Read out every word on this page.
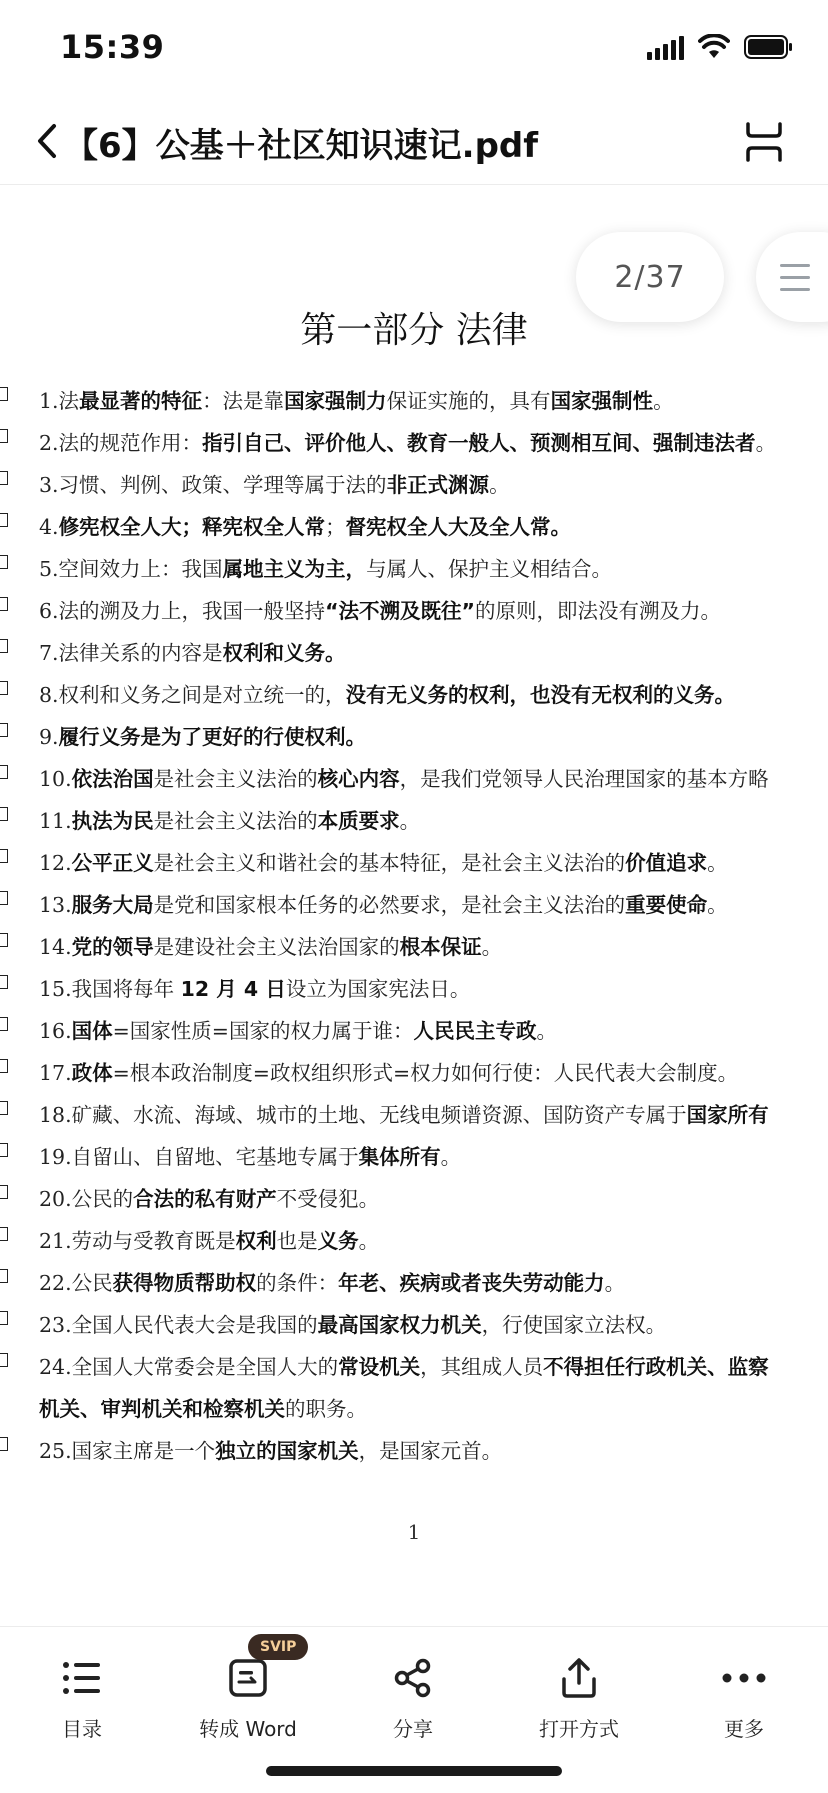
15:39
【6】公基＋社区知识速记.pdf
2/37
第一部分 法律
1.法最显著的特征：法是靠国家强制力保证实施的，具有国家强制性。
2.法的规范作用：指引自己、评价他人、教育一般人、预测相互间、强制违法者。
3.习惯、判例、政策、学理等属于法的非正式渊源。
4.修宪权全人大；释宪权全人常；督宪权全人大及全人常。
5.空间效力上：我国属地主义为主，与属人、保护主义相结合。
6.法的溯及力上，我国一般坚持“法不溯及既往”的原则，即法没有溯及力。
7.法律关系的内容是权利和义务。
8.权利和义务之间是对立统一的，没有无义务的权利，也没有无权利的义务。
9.履行义务是为了更好的行使权利。
10.依法治国是社会主义法治的核心内容，是我们党领导人民治理国家的基本方略
11.执法为民是社会主义法治的本质要求。
12.公平正义是社会主义和谐社会的基本特征，是社会主义法治的价值追求。
13.服务大局是党和国家根本任务的必然要求，是社会主义法治的重要使命。
14.党的领导是建设社会主义法治国家的根本保证。
15.我国将每年 12 月 4 日设立为国家宪法日。
16.国体=国家性质=国家的权力属于谁：人民民主专政。
17.政体=根本政治制度=政权组织形式=权力如何行使：人民代表大会制度。
18.矿藏、水流、海域、城市的土地、无线电频谱资源、国防资产专属于国家所有
19.自留山、自留地、宅基地专属于集体所有。
20.公民的合法的私有财产不受侵犯。
21.劳动与受教育既是权利也是义务。
22.公民获得物质帮助权的条件：年老、疾病或者丧失劳动能力。
23.全国人民代表大会是我国的最高国家权力机关，行使国家立法权。
24.全国人大常委会是全国人大的常设机关，其组成人员不得担任行政机关、监察
机关、审判机关和检察机关的职务。
25.国家主席是一个独立的国家机关，是国家元首。
1
目录	转成 Word	分享	打开方式	更多
SVIP
